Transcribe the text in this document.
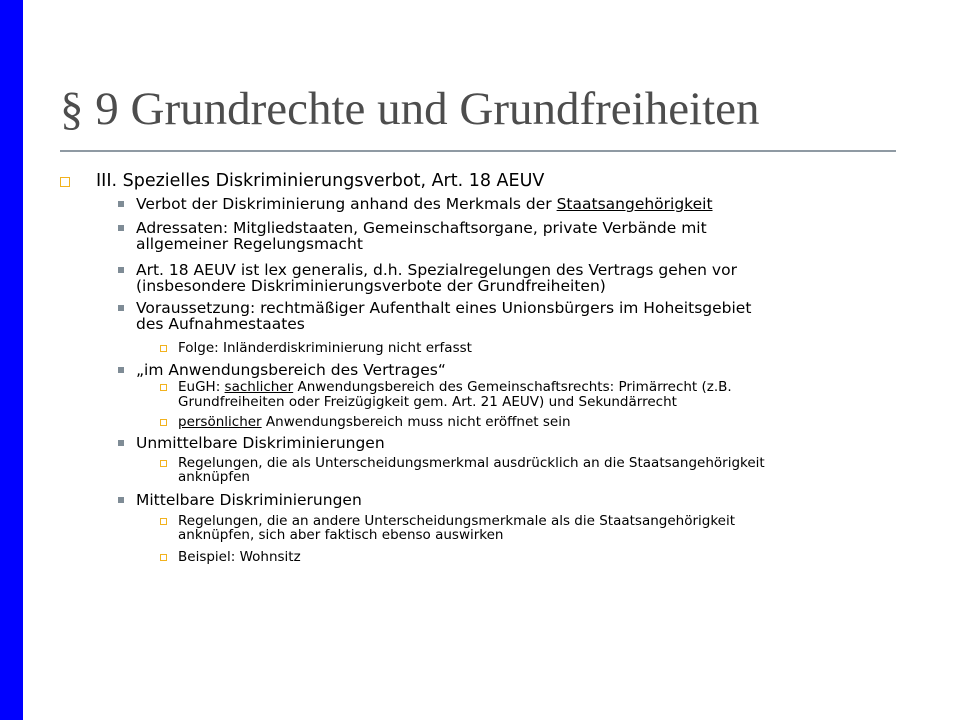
§ 9 Grundrechte und Grundfreiheiten
III. Spezielles Diskriminierungsverbot, Art. 18 AEUV
Verbot der Diskriminierung anhand des Merkmals der Staatsangehörigkeit
Adressaten: Mitgliedstaaten, Gemeinschaftsorgane, private Verbände mit
allgemeiner Regelungsmacht
Art. 18 AEUV ist lex generalis, d.h. Spezialregelungen des Vertrags gehen vor
(insbesondere Diskriminierungsverbote der Grundfreiheiten)
Voraussetzung: rechtmäßiger Aufenthalt eines Unionsbürgers im Hoheitsgebiet
des Aufnahmestaates
Folge: Inländerdiskriminierung nicht erfasst
„im Anwendungsbereich des Vertrages“
EuGH: sachlicher Anwendungsbereich des Gemeinschaftsrechts: Primärrecht (z.B.
Grundfreiheiten oder Freizügigkeit gem. Art. 21 AEUV) und Sekundärrecht
persönlicher Anwendungsbereich muss nicht eröffnet sein
Unmittelbare Diskriminierungen
Regelungen, die als Unterscheidungsmerkmal ausdrücklich an die Staatsangehörigkeit
anknüpfen
Mittelbare Diskriminierungen
Regelungen, die an andere Unterscheidungsmerkmale als die Staatsangehörigkeit
anknüpfen, sich aber faktisch ebenso auswirken
Beispiel: Wohnsitz
